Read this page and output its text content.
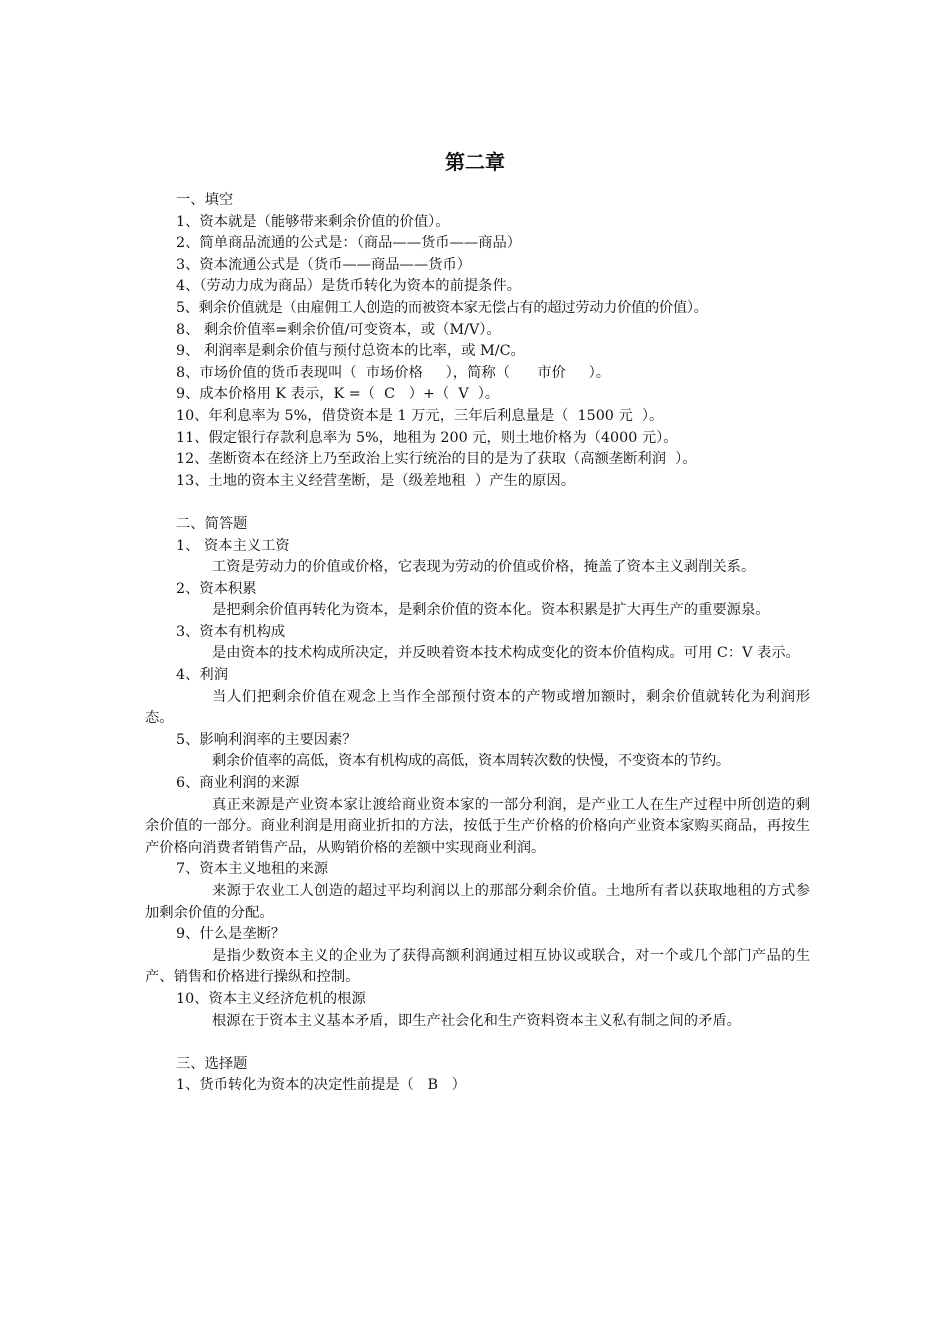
第二章
一、填空
1、资本就是（能够带来剩余价值的价值）。
2、简单商品流通的公式是：（商品——货币——商品）
3、资本流通公式是（货币——商品——货币）
4、（劳动力成为商品）是货币转化为资本的前提条件。
5、剩余价值就是（由雇佣工人创造的而被资本家无偿占有的超过劳动力价值的价值）。
8、 剩余价值率=剩余价值/可变资本，或（M/V）。
9、 利润率是剩余价值与预付总资本的比率，或 M/C。
8、市场价值的货币表现叫（  市场价格     ），简称（      市价     ）。
9、成本价格用 K 表示，K =（  C   ）+（  V  ）。
10、年利息率为 5%，借贷资本是 1 万元，三年后利息量是（  1500 元  ）。
11、假定银行存款利息率为 5%，地租为 200 元，则土地价格为（4000 元）。
12、垄断资本在经济上乃至政治上实行统治的目的是为了获取（高额垄断利润  ）。
13、土地的资本主义经营垄断，是（级差地租  ）产生的原因。
二、简答题
1、 资本主义工资
工资是劳动力的价值或价格，它表现为劳动的价值或价格，掩盖了资本主义剥削关系。
2、资本积累
是把剩余价值再转化为资本，是剩余价值的资本化。资本积累是扩大再生产的重要源泉。
3、资本有机构成
是由资本的技术构成所决定，并反映着资本技术构成变化的资本价值构成。可用 C：V 表示。
4、利润
当人们把剩余价值在观念上当作全部预付资本的产物或增加额时，剩余价值就转化为利润形态。
5、影响利润率的主要因素？
剩余价值率的高低，资本有机构成的高低，资本周转次数的快慢，不变资本的节约。
6、商业利润的来源
真正来源是产业资本家让渡给商业资本家的一部分利润，是产业工人在生产过程中所创造的剩余价值的一部分。商业利润是用商业折扣的方法，按低于生产价格的价格向产业资本家购买商品，再按生产价格向消费者销售产品，从购销价格的差额中实现商业利润。
7、资本主义地租的来源
来源于农业工人创造的超过平均利润以上的那部分剩余价值。土地所有者以获取地租的方式参加剩余价值的分配。
9、什么是垄断？
是指少数资本主义的企业为了获得高额利润通过相互协议或联合，对一个或几个部门产品的生产、销售和价格进行操纵和控制。
10、资本主义经济危机的根源
根源在于资本主义基本矛盾，即生产社会化和生产资料资本主义私有制之间的矛盾。
三、选择题
1、货币转化为资本的决定性前提是（   B   ）
